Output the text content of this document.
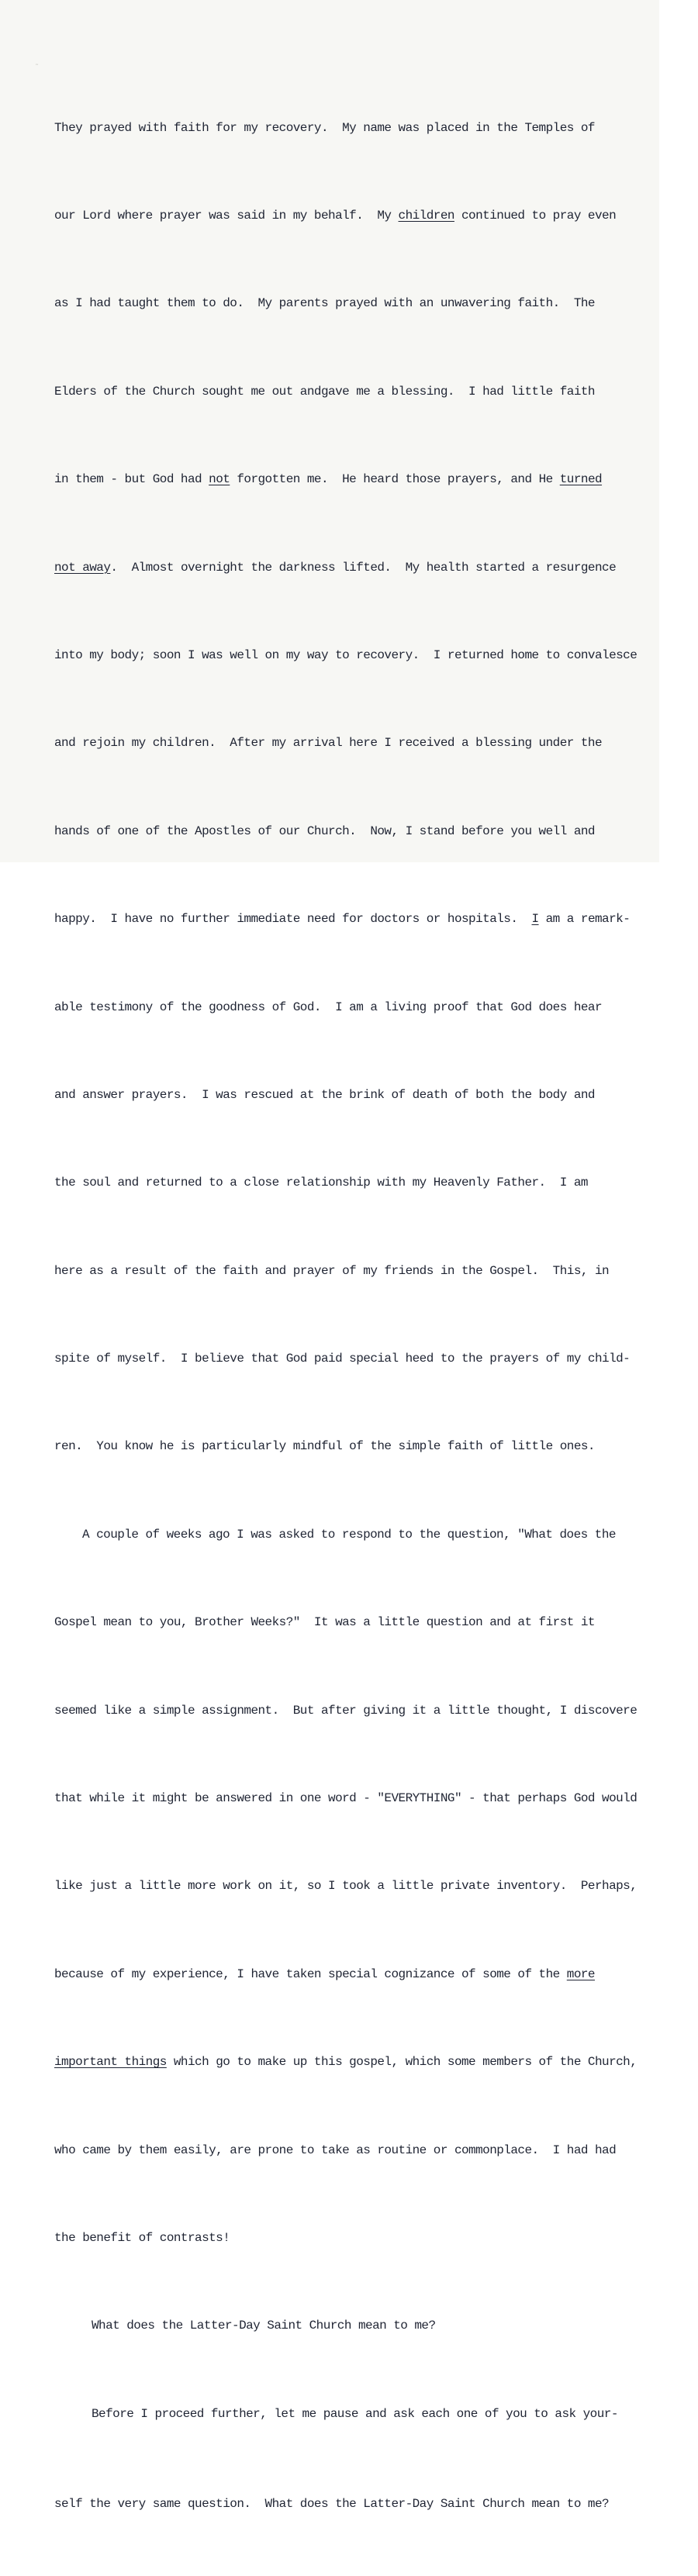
˜

They prayed with faith for my recovery.  My name was placed in the Temples of

our Lord where prayer was said in my behalf.  My children continued to pray even

as I had taught them to do.  My parents prayed with an unwavering faith.  The

Elders of the Church sought me out andgave me a blessing.  I had little faith

in them - but God had not forgotten me.  He heard those prayers, and He turned

not away.  Almost overnight the darkness lifted.  My health started a resurgence

into my body; soon I was well on my way to recovery.  I returned home to convalesce

and rejoin my children.  After my arrival here I received a blessing under the

hands of one of the Apostles of our Church.  Now, I stand before you well and

happy.  I have no further immediate need for doctors or hospitals.  I am a remark-

able testimony of the goodness of God.  I am a living proof that God does hear

and answer prayers.  I was rescued at the brink of death of both the body and

the soul and returned to a close relationship with my Heavenly Father.  I am

here as a result of the faith and prayer of my friends in the Gospel.  This, in

spite of myself.  I believe that God paid special heed to the prayers of my child-

ren.  You know he is particularly mindful of the simple faith of little ones.

A couple of weeks ago I was asked to respond to the question, "What does the

Gospel mean to you, Brother Weeks?"  It was a little question and at first it

seemed like a simple assignment.  But after giving it a little thought, I discovere

that while it might be answered in one word - "EVERYTHING" - that perhaps God would

like just a little more work on it, so I took a little private inventory.  Perhaps,

because of my experience, I have taken special cognizance of some of the more

important things which go to make up this gospel, which some members of the Church,

who came by them easily, are prone to take as routine or commonplace.  I had had

the benefit of contrasts!

What does the Latter-Day Saint Church mean to me?

Before I proceed further, let me pause and ask each one of you to ask your-

self the very same question.  What does the Latter-Day Saint Church mean to me?
